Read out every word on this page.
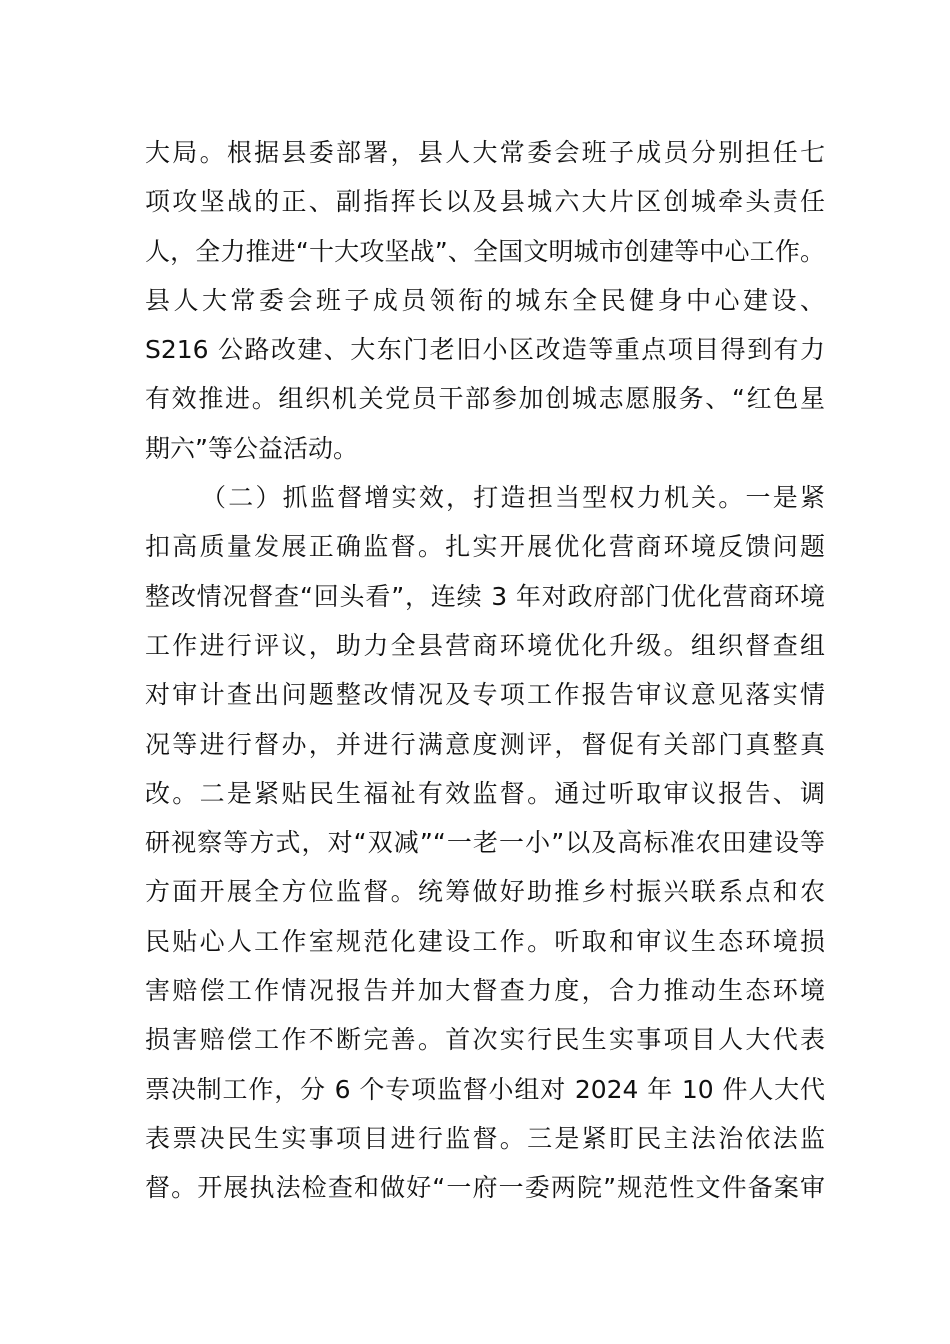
大局。根据县委部署，县人大常委会班子成员分别担任七
项攻坚战的正、副指挥长以及县城六大片区创城牵头责任
人，全力推进“十大攻坚战”、全国文明城市创建等中心工作。
县人大常委会班子成员领衔的城东全民健身中心建设、
S216 公路改建、大东门老旧小区改造等重点项目得到有力
有效推进。组织机关党员干部参加创城志愿服务、“红色星
期六”等公益活动。
（二）抓监督增实效，打造担当型权力机关。一是紧
扣高质量发展正确监督。扎实开展优化营商环境反馈问题
整改情况督查“回头看”，连续 3 年对政府部门优化营商环境
工作进行评议，助力全县营商环境优化升级。组织督查组
对审计查出问题整改情况及专项工作报告审议意见落实情
况等进行督办，并进行满意度测评，督促有关部门真整真
改。二是紧贴民生福祉有效监督。通过听取审议报告、调
研视察等方式，对“双减”“一老一小”以及高标准农田建设等
方面开展全方位监督。统筹做好助推乡村振兴联系点和农
民贴心人工作室规范化建设工作。听取和审议生态环境损
害赔偿工作情况报告并加大督查力度，合力推动生态环境
损害赔偿工作不断完善。首次实行民生实事项目人大代表
票决制工作，分 6 个专项监督小组对 2024 年 10 件人大代
表票决民生实事项目进行监督。三是紧盯民主法治依法监
督。开展执法检查和做好“一府一委两院”规范性文件备案审
